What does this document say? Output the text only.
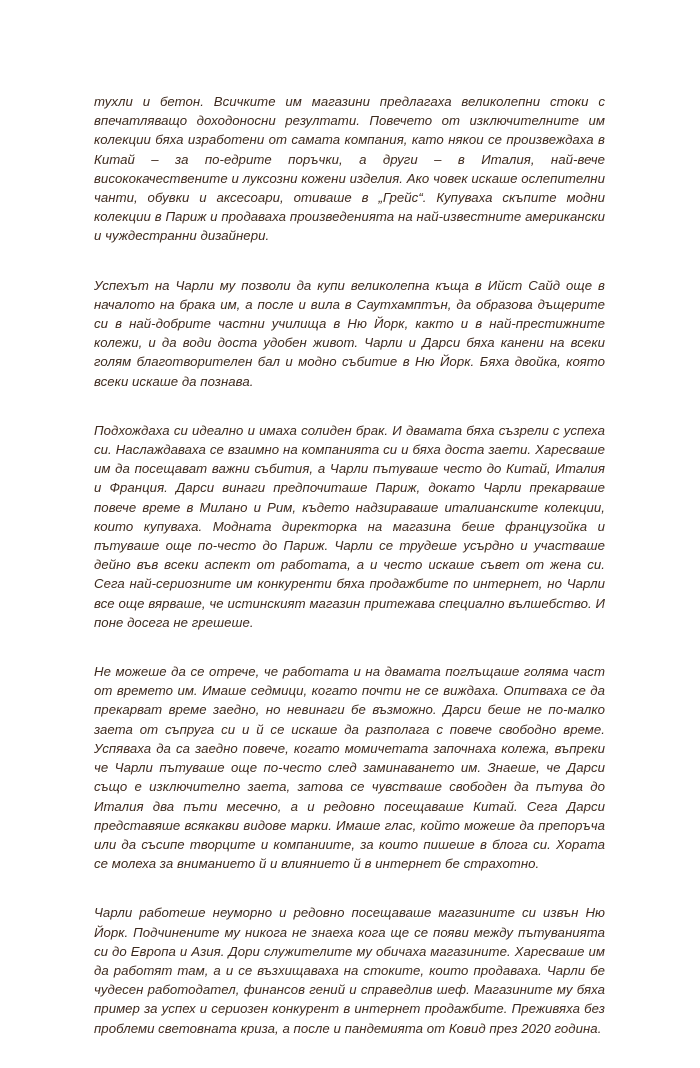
тухли и бетон. Всичките им магазини предлагаха великолепни стоки с впечатляващо доходоносни резултати. Повечето от изключителните им колекции бяха изработени от самата компания, като някои се произвеждаха в Китай – за по-едрите поръчки, а други – в Италия, най-вече висококачествените и луксозни кожени изделия. Ако човек искаше ослепителни чанти, обувки и аксесоари, отиваше в „Грейс“. Купуваха скъпите модни колекции в Париж и продаваха произведенията на най-известните американски и чуждестранни дизайнери.

Успехът на Чарли му позволи да купи великолепна къща в Ийст Сайд още в началото на брака им, а после и вила в Саутхамптън, да образова дъщерите си в най-добрите частни училища в Ню Йорк, както и в най-престижните колежи, и да води доста удобен живот. Чарли и Дарси бяха канени на всеки голям благотворителен бал и модно събитие в Ню Йорк. Бяха двойка, която всеки искаше да познава.

Подхождаха си идеално и имаха солиден брак. И двамата бяха съзрели с успеха си. Наслаждаваха се взаимно на компанията си и бяха доста заети. Харесваше им да посещават важни събития, а Чарли пътуваше често до Китай, Италия и Франция. Дарси винаги предпочиташе Париж, докато Чарли прекарваше повече време в Милано и Рим, където надзираваше италианските колекции, които купуваха. Модната директорка на магазина беше французойка и пътуваше още по-често до Париж. Чарли се трудеше усърдно и участваше дейно във всеки аспект от работата, а и често искаше съвет от жена си. Сега най-сериозните им конкуренти бяха продажбите по интернет, но Чарли все още вярваше, че истинският магазин притежава специално вълшебство. И поне досега не грешеше.

Не можеше да се отрече, че работата и на двамата поглъщаше голяма част от времето им. Имаше седмици, когато почти не се виждаха. Опитваха се да прекарват време заедно, но невинаги бе възможно. Дарси беше не по-малко заета от съпруга си и й се искаше да разполага с повече свободно време. Успяваха да са заедно повече, когато момичетата започнаха колежа, въпреки че Чарли пътуваше още по-често след заминаването им. Знаеше, че Дарси също е изключително заета, затова се чувстваше свободен да пътува до Италия два пъти месечно, а и редовно посещаваше Китай. Сега Дарси представяше всякакви видове марки. Имаше глас, който можеше да препоръча или да съсипе творците и компаниите, за които пишеше в блога си. Хората се молеха за вниманието й и влиянието й в интернет бе страхотно.

Чарли работеше неуморно и редовно посещаваше магазините си извън Ню Йорк. Подчинените му никога не знаеха кога ще се появи между пътуванията си до Европа и Азия. Дори служителите му обичаха магазините. Харесваше им да работят там, а и се възхищаваха на стоките, които продаваха. Чарли бе чудесен работодател, финансов гений и справедлив шеф. Магазините му бяха пример за успех и сериозен конкурент в интернет продажбите. Преживяха без проблеми световната криза, а после и пандемията от Ковид през 2020 година.
